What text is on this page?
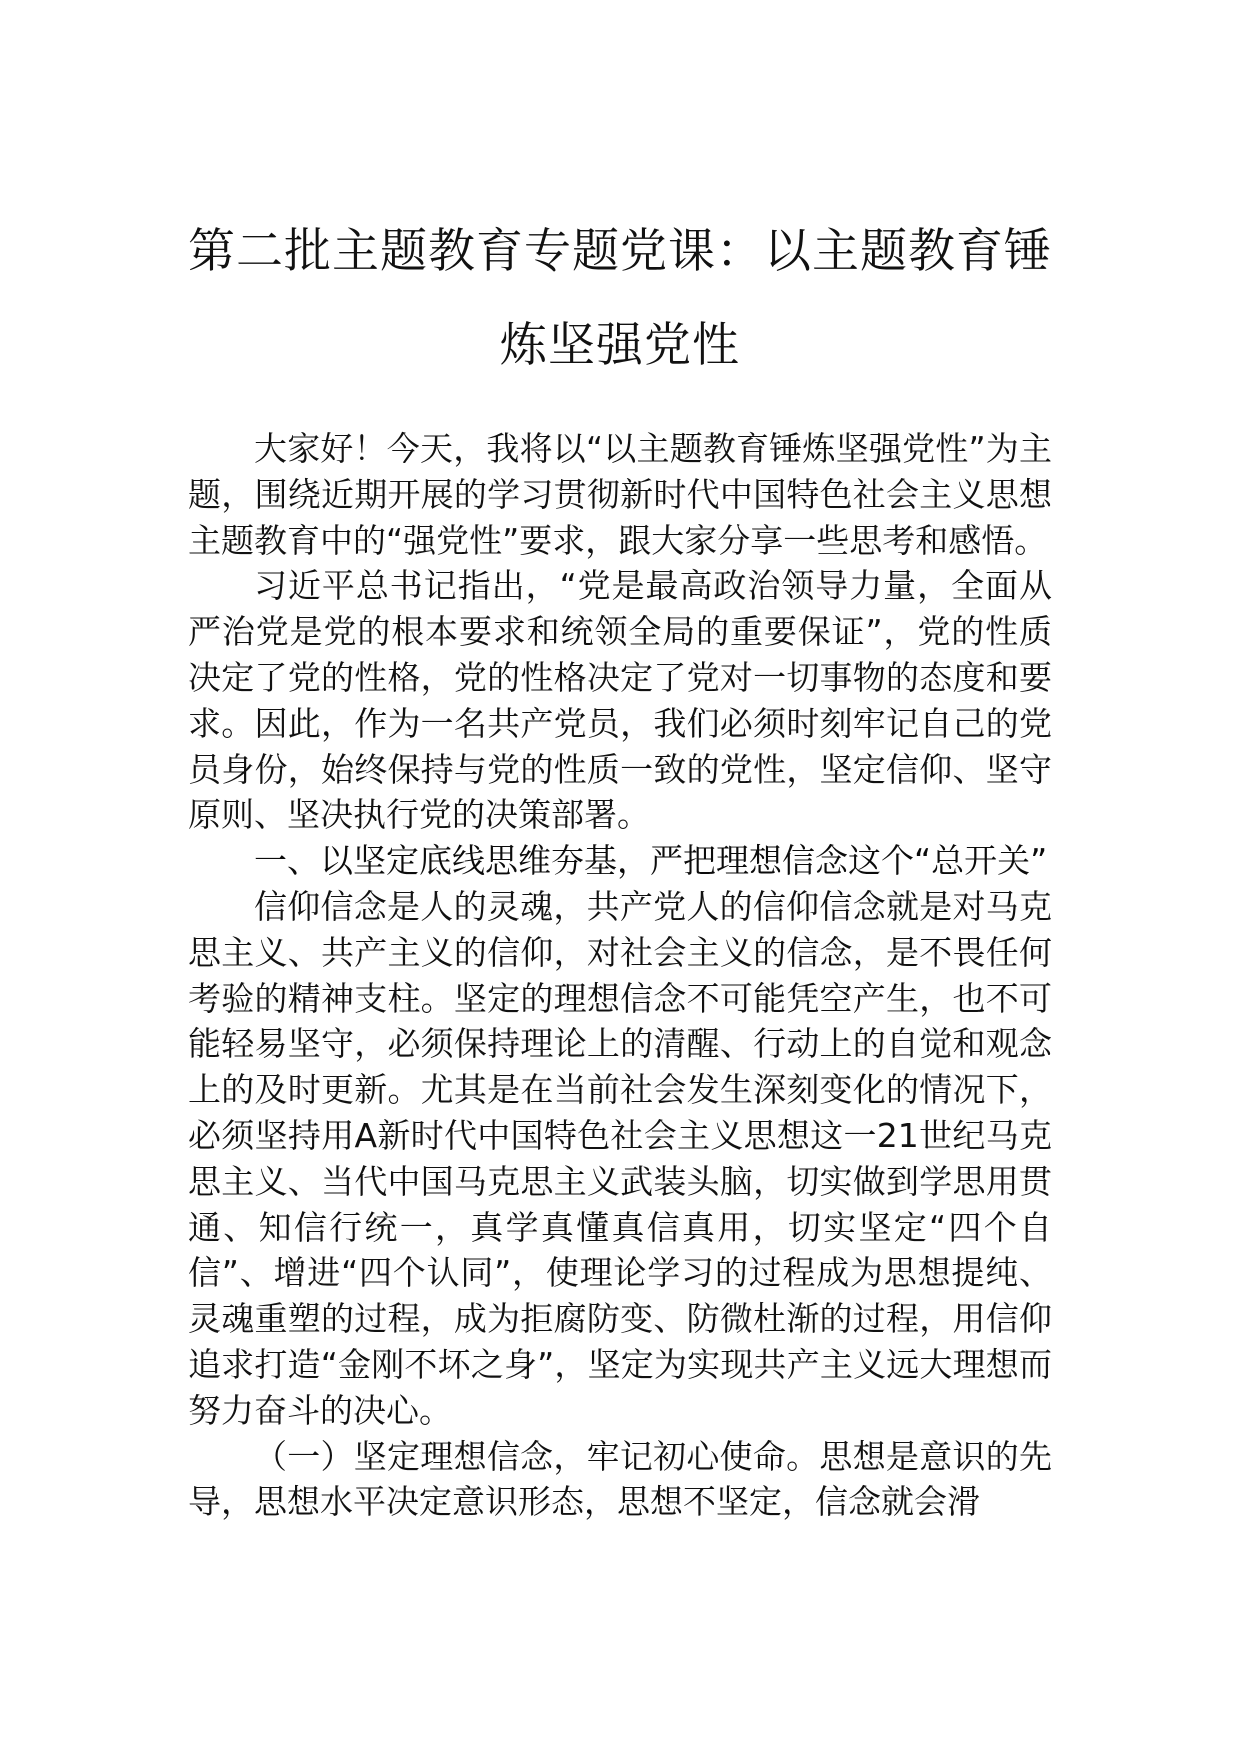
第二批主题教育专题党课：以主题教育锤
炼坚强党性

大家好！今天，我将以“以主题教育锤炼坚强党性”为主题，围绕近期开展的学习贯彻新时代中国特色社会主义思想主题教育中的“强党性”要求，跟大家分享一些思考和感悟。

习近平总书记指出，“党是最高政治领导力量，全面从严治党是党的根本要求和统领全局的重要保证”，党的性质决定了党的性格，党的性格决定了党对一切事物的态度和要求。因此，作为一名共产党员，我们必须时刻牢记自己的党员身份，始终保持与党的性质一致的党性，坚定信仰、坚守原则、坚决执行党的决策部署。

一、以坚定底线思维夯基，严把理想信念这个“总开关”

信仰信念是人的灵魂，共产党人的信仰信念就是对马克思主义、共产主义的信仰，对社会主义的信念，是不畏任何考验的精神支柱。坚定的理想信念不可能凭空产生，也不可能轻易坚守，必须保持理论上的清醒、行动上的自觉和观念上的及时更新。尤其是在当前社会发生深刻变化的情况下，必须坚持用A新时代中国特色社会主义思想这一21世纪马克思主义、当代中国马克思主义武装头脑，切实做到学思用贯通、知信行统一，真学真懂真信真用，切实坚定“四个自信”、增进“四个认同”，使理论学习的过程成为思想提纯、灵魂重塑的过程，成为拒腐防变、防微杜渐的过程，用信仰追求打造“金刚不坏之身”，坚定为实现共产主义远大理想而努力奋斗的决心。

（一）坚定理想信念，牢记初心使命。思想是意识的先导，思想水平决定意识形态，思想不坚定，信念就会滑
